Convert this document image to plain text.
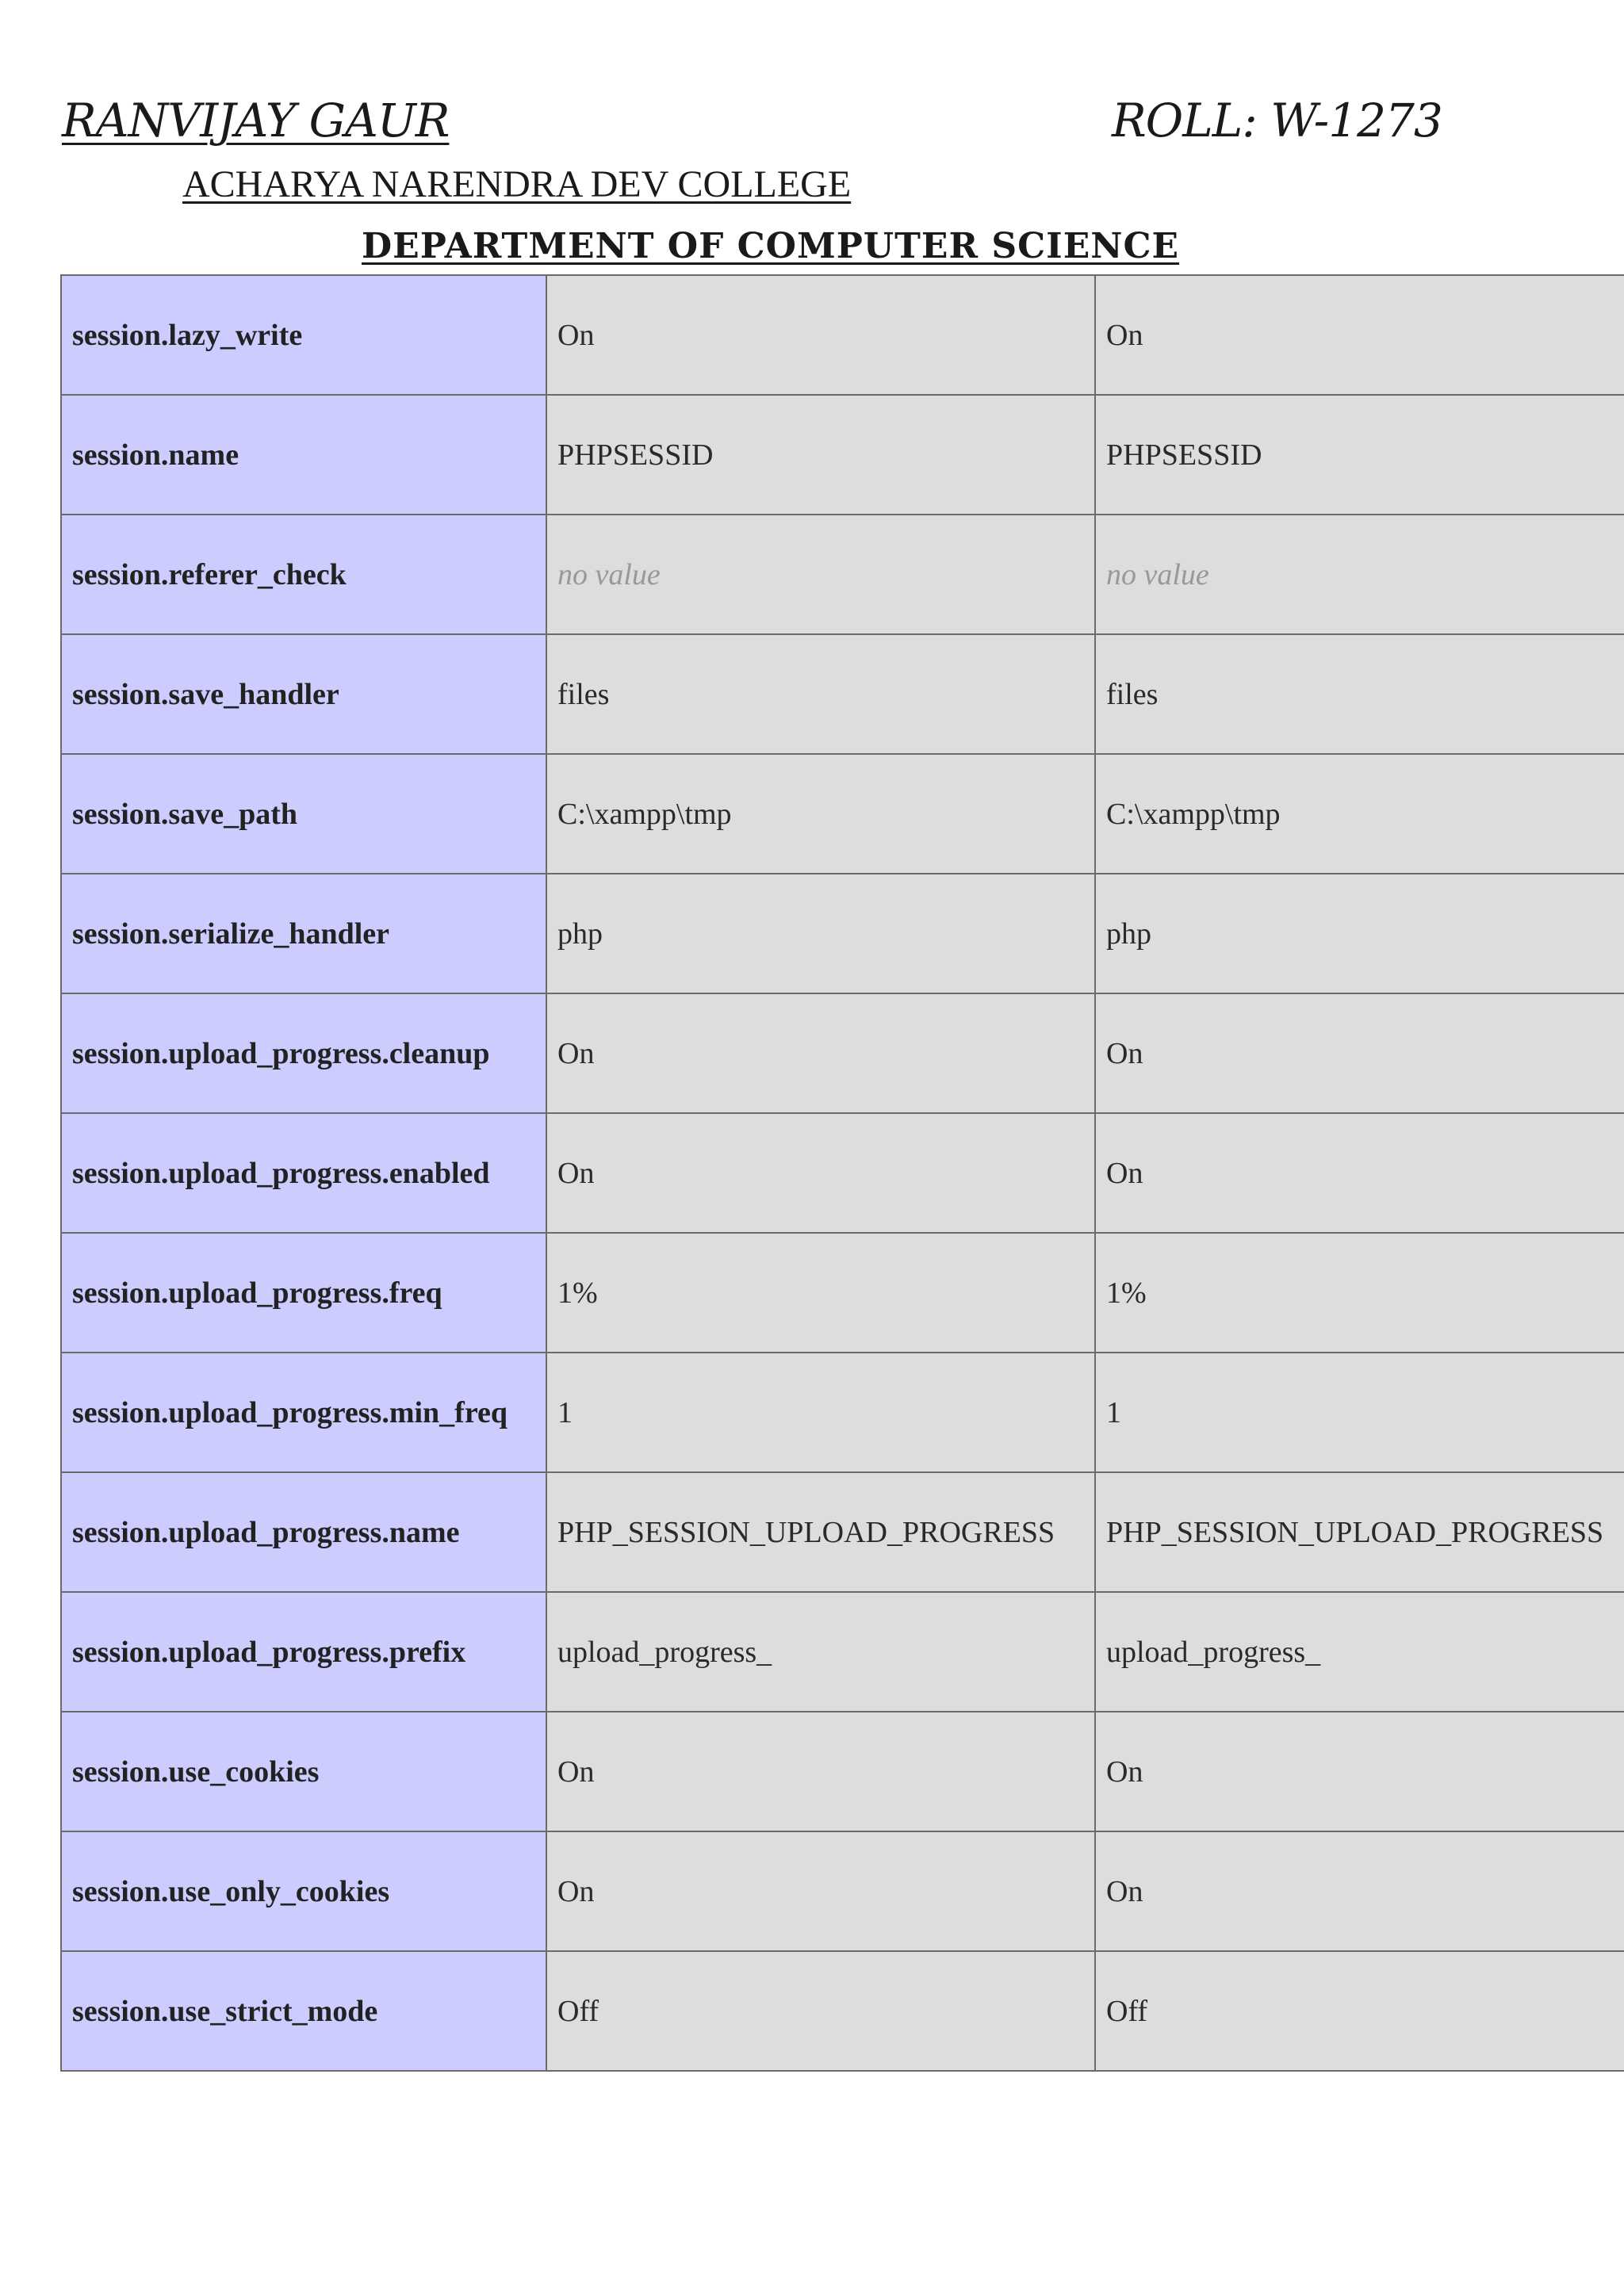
RANVIJAY GAUR	ROLL: W-1273
ACHARYA NARENDRA DEV COLLEGE
DEPARTMENT OF COMPUTER SCIENCE
session.lazy_write	On	On
session.name	PHPSESSID	PHPSESSID
session.referer_check	no value	no value
session.save_handler	files	files
session.save_path	C:\xampp\tmp	C:\xampp\tmp
session.serialize_handler	php	php
session.upload_progress.cleanup	On	On
session.upload_progress.enabled	On	On
session.upload_progress.freq	1%	1%
session.upload_progress.min_freq	1	1
session.upload_progress.name	PHP_SESSION_UPLOAD_PROGRESS	PHP_SESSION_UPLOAD_PROGRESS
session.upload_progress.prefix	upload_progress_	upload_progress_
session.use_cookies	On	On
session.use_only_cookies	On	On
session.use_strict_mode	Off	Off
